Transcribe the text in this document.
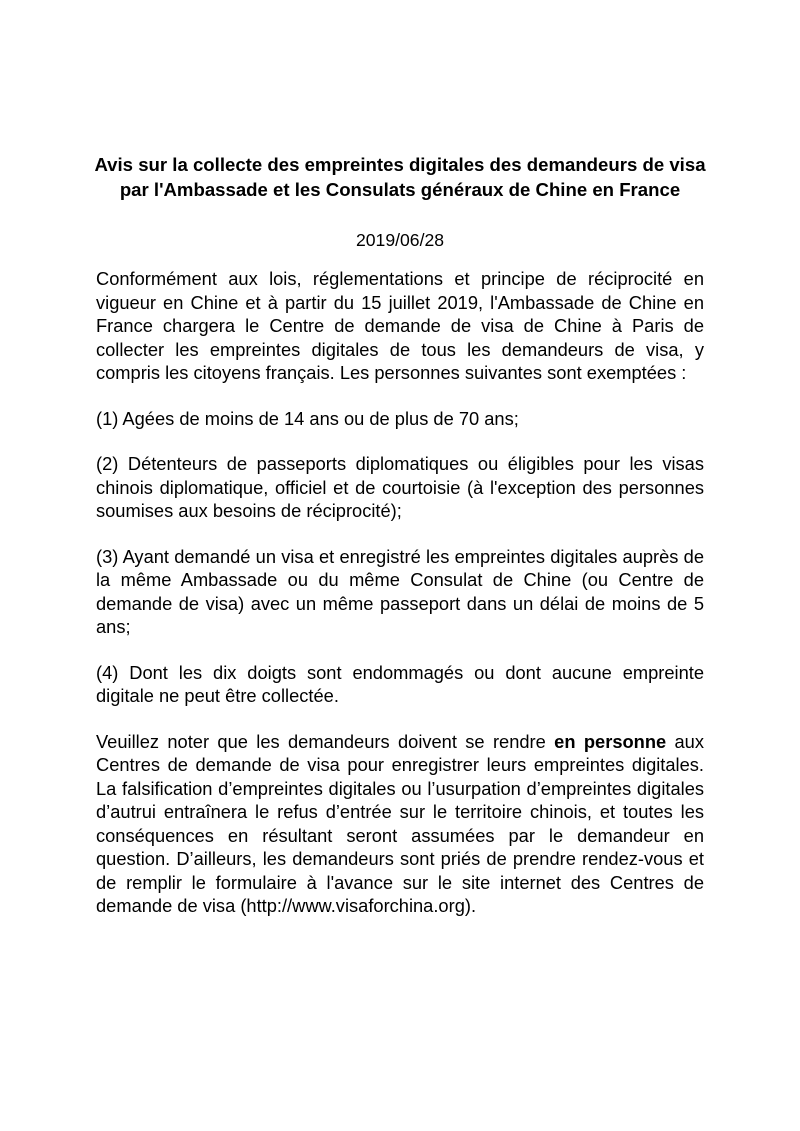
Avis sur la collecte des empreintes digitales des demandeurs de visa par l'Ambassade et les Consulats généraux de Chine en France
2019/06/28

Conformément aux lois, réglementations et principe de réciprocité en vigueur en Chine et à partir du 15 juillet 2019, l'Ambassade de Chine en France chargera le Centre de demande de visa de Chine à Paris de collecter les empreintes digitales de tous les demandeurs de visa, y compris les citoyens français. Les personnes suivantes sont exemptées :

(1) Agées de moins de 14 ans ou de plus de 70 ans;

(2) Détenteurs de passeports diplomatiques ou éligibles pour les visas chinois diplomatique, officiel et de courtoisie (à l'exception des personnes soumises aux besoins de réciprocité);

(3) Ayant demandé un visa et enregistré les empreintes digitales auprès de la même Ambassade ou du même Consulat de Chine (ou Centre de demande de visa) avec un même passeport dans un délai de moins de 5 ans;

(4) Dont les dix doigts sont endommagés ou dont aucune empreinte digitale ne peut être collectée.

Veuillez noter que les demandeurs doivent se rendre en personne aux Centres de demande de visa pour enregistrer leurs empreintes digitales. La falsification d’empreintes digitales ou l’usurpation d’empreintes digitales d’autrui entraînera le refus d’entrée sur le territoire chinois, et toutes les conséquences en résultant seront assumées par le demandeur en question. D’ailleurs, les demandeurs sont priés de prendre rendez-vous et de remplir le formulaire à l'avance sur le site internet des Centres de demande de visa (http://www.visaforchina.org).
